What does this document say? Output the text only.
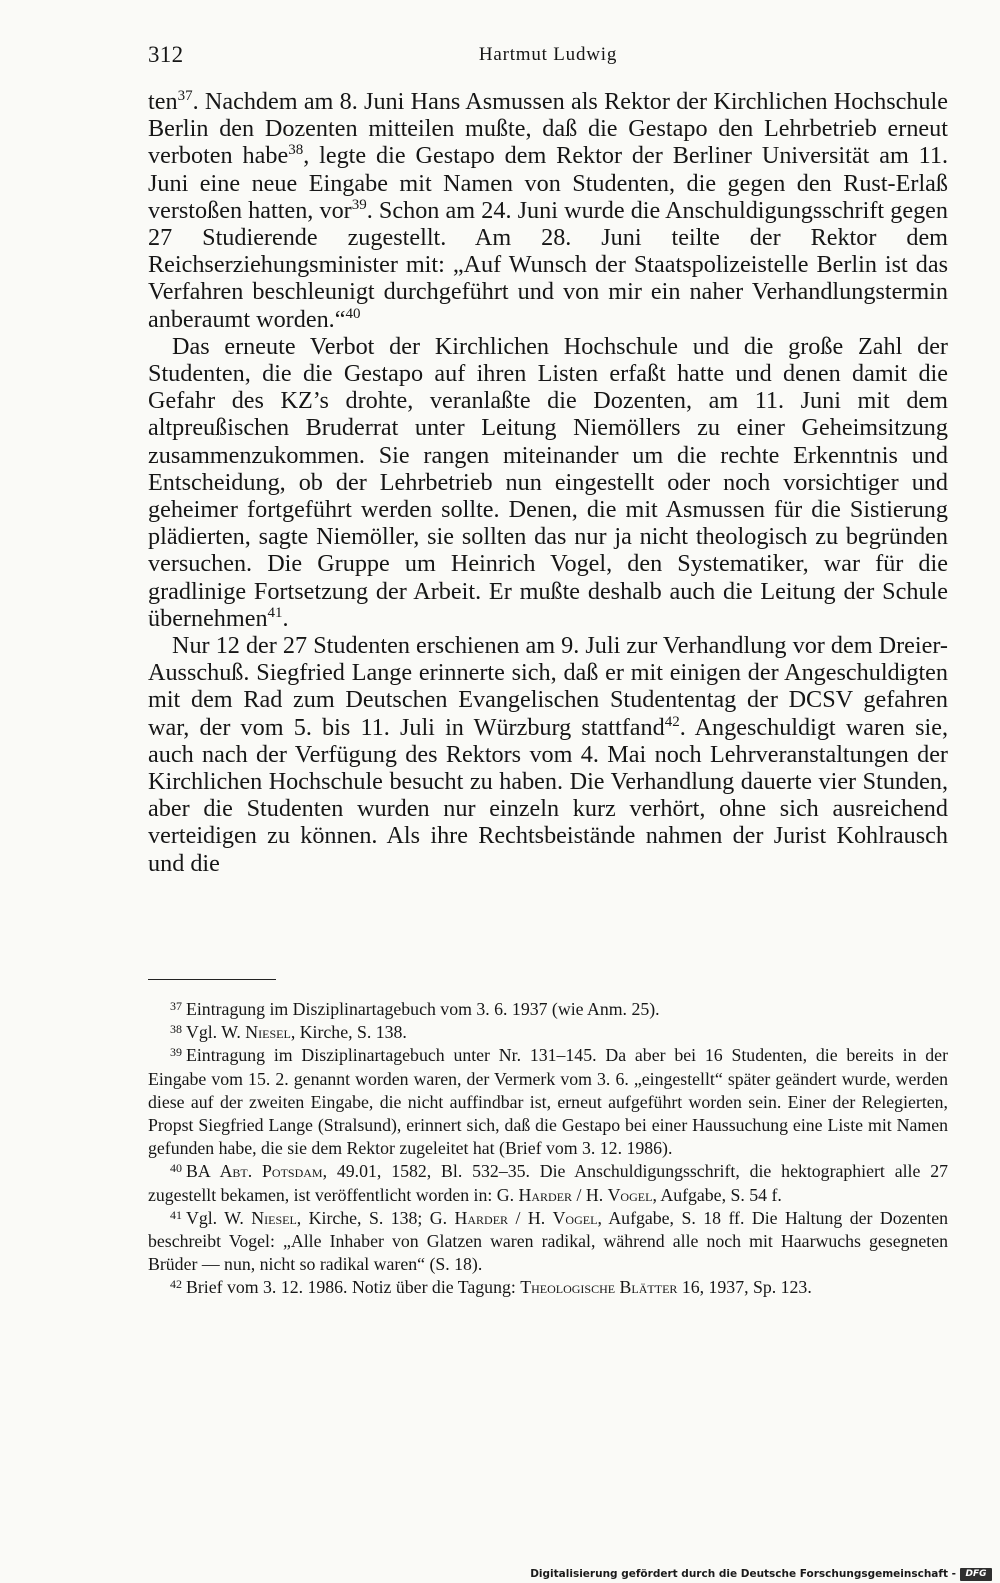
312	Hartmut Ludwig

ten$^{37}$. Nachdem am 8. Juni Hans Asmussen als Rektor der Kirchlichen Hochschule Berlin den Dozenten mitteilen mußte, daß die Gestapo den Lehrbetrieb erneut verboten habe$^{38}$, legte die Gestapo dem Rektor der Berliner Universität am 11. Juni eine neue Eingabe mit Namen von Studenten, die gegen den Rust-Erlaß verstoßen hatten, vor$^{39}$. Schon am 24. Juni wurde die Anschuldigungsschrift gegen 27 Studierende zugestellt. Am 28. Juni teilte der Rektor dem Reichserziehungsminister mit: „Auf Wunsch der Staatspolizeistelle Berlin ist das Verfahren beschleunigt durchgeführt und von mir ein naher Verhandlungstermin anberaumt worden.“$^{40}$

Das erneute Verbot der Kirchlichen Hochschule und die große Zahl der Studenten, die die Gestapo auf ihren Listen erfaßt hatte und denen damit die Gefahr des KZ’s drohte, veranlaßte die Dozenten, am 11. Juni mit dem altpreußischen Bruderrat unter Leitung Niemöllers zu einer Geheimsitzung zusammenzukommen. Sie rangen miteinander um die rechte Erkenntnis und Entscheidung, ob der Lehrbetrieb nun eingestellt oder noch vorsichtiger und geheimer fortgeführt werden sollte. Denen, die mit Asmussen für die Sistierung plädierten, sagte Niemöller, sie sollten das nur ja nicht theologisch zu begründen versuchen. Die Gruppe um Heinrich Vogel, den Systematiker, war für die gradlinige Fortsetzung der Arbeit. Er mußte deshalb auch die Leitung der Schule übernehmen$^{41}$.

Nur 12 der 27 Studenten erschienen am 9. Juli zur Verhandlung vor dem Dreier-Ausschuß. Siegfried Lange erinnerte sich, daß er mit einigen der Angeschuldigten mit dem Rad zum Deutschen Evangelischen Studententag der DCSV gefahren war, der vom 5. bis 11. Juli in Würzburg stattfand$^{42}$. Angeschuldigt waren sie, auch nach der Verfügung des Rektors vom 4. Mai noch Lehrveranstaltungen der Kirchlichen Hochschule besucht zu haben. Die Verhandlung dauerte vier Stunden, aber die Studenten wurden nur einzeln kurz verhört, ohne sich ausreichend verteidigen zu können. Als ihre Rechtsbeistände nahmen der Jurist Kohlrausch und die

$^{37}$ Eintragung im Disziplinartagebuch vom 3. 6. 1937 (wie Anm. 25).

$^{38}$ Vgl. W. Niesel, Kirche, S. 138.

$^{39}$ Eintragung im Disziplinartagebuch unter Nr. 131–145. Da aber bei 16 Studenten, die bereits in der Eingabe vom 15. 2. genannt worden waren, der Vermerk vom 3. 6. „eingestellt“ später geändert wurde, werden diese auf der zweiten Eingabe, die nicht auffindbar ist, erneut aufgeführt worden sein. Einer der Relegierten, Propst Siegfried Lange (Stralsund), erinnert sich, daß die Gestapo bei einer Haussuchung eine Liste mit Namen gefunden habe, die sie dem Rektor zugeleitet hat (Brief vom 3. 12. 1986).

$^{40}$ BA Abt. Potsdam, 49.01, 1582, Bl. 532–35. Die Anschuldigungsschrift, die hektographiert alle 27 zugestellt bekamen, ist veröffentlicht worden in: G. Harder / H. Vogel, Aufgabe, S. 54 f.

$^{41}$ Vgl. W. Niesel, Kirche, S. 138; G. Harder / H. Vogel, Aufgabe, S. 18 ff. Die Haltung der Dozenten beschreibt Vogel: „Alle Inhaber von Glatzen waren radikal, während alle noch mit Haarwuchs gesegneten Brüder — nun, nicht so radikal waren“ (S. 18).

$^{42}$ Brief vom 3. 12. 1986. Notiz über die Tagung: Theologische Blätter 16, 1937, Sp. 123.

Digitalisierung gefördert durch die Deutsche Forschungsgemeinschaft -	DFG
